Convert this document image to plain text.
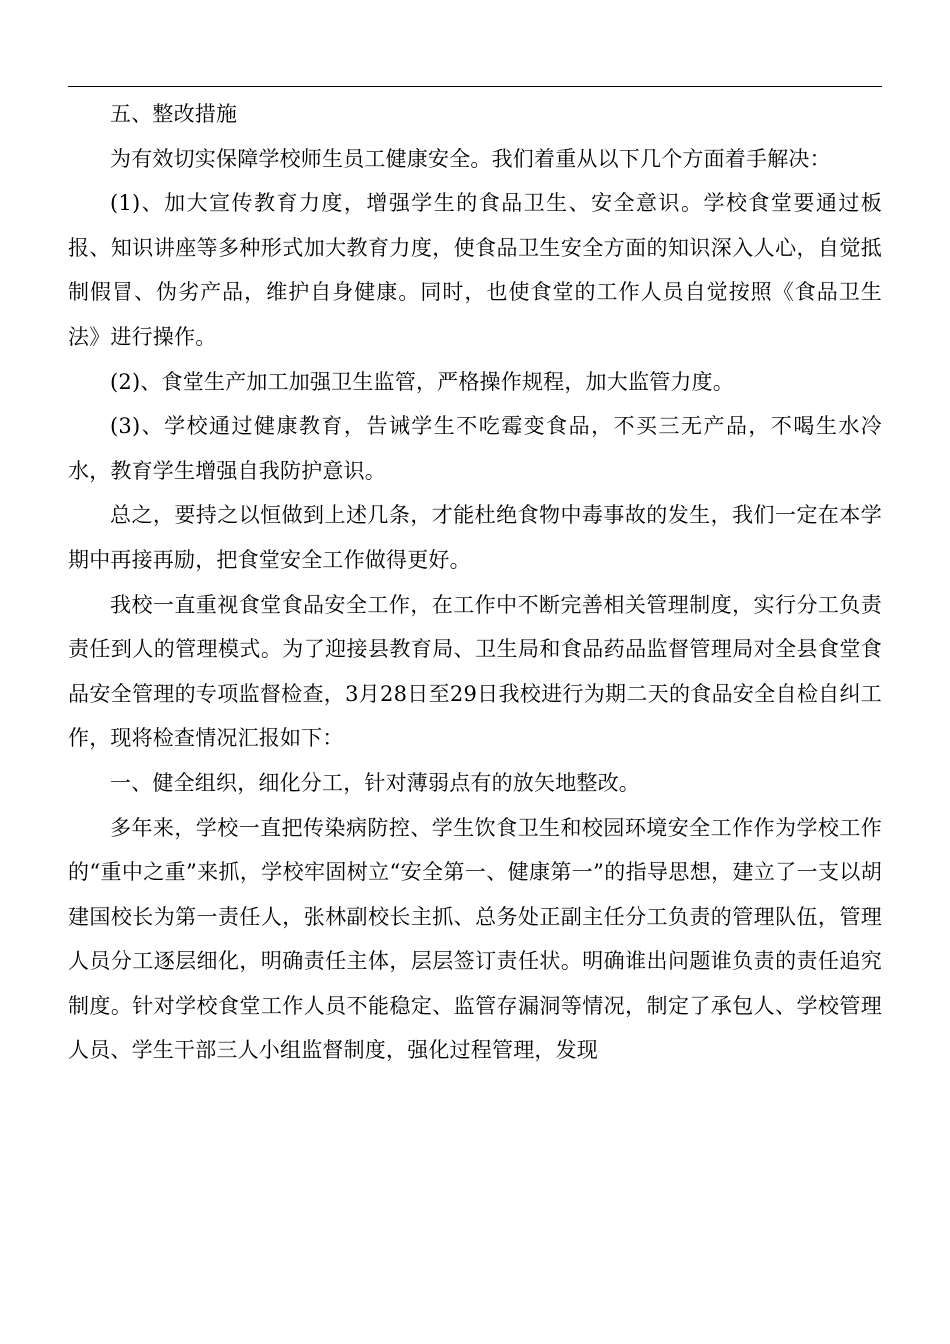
五、整改措施

为有效切实保障学校师生员工健康安全。我们着重从以下几个方面着手解决：

(1)、加大宣传教育力度，增强学生的食品卫生、安全意识。学校食堂要通过板报、知识讲座等多种形式加大教育力度，使食品卫生安全方面的知识深入人心，自觉抵制假冒、伪劣产品，维护自身健康。同时，也使食堂的工作人员自觉按照《食品卫生法》进行操作。

(2)、食堂生产加工加强卫生监管，严格操作规程，加大监管力度。

(3)、学校通过健康教育，告诫学生不吃霉变食品，不买三无产品，不喝生水冷水，教育学生增强自我防护意识。

总之，要持之以恒做到上述几条，才能杜绝食物中毒事故的发生，我们一定在本学期中再接再励，把食堂安全工作做得更好。

我校一直重视食堂食品安全工作，在工作中不断完善相关管理制度，实行分工负责责任到人的管理模式。为了迎接县教育局、卫生局和食品药品监督管理局对全县食堂食品安全管理的专项监督检查，3月28日至29日我校进行为期二天的食品安全自检自纠工作，现将检查情况汇报如下：

一、健全组织，细化分工，针对薄弱点有的放矢地整改。

多年来，学校一直把传染病防控、学生饮食卫生和校园环境安全工作作为学校工作的“重中之重”来抓，学校牢固树立“安全第一、健康第一”的指导思想，建立了一支以胡建国校长为第一责任人，张林副校长主抓、总务处正副主任分工负责的管理队伍，管理人员分工逐层细化，明确责任主体，层层签订责任状。明确谁出问题谁负责的责任追究制度。针对学校食堂工作人员不能稳定、监管存漏洞等情况，制定了承包人、学校管理人员、学生干部三人小组监督制度，强化过程管理，发现
